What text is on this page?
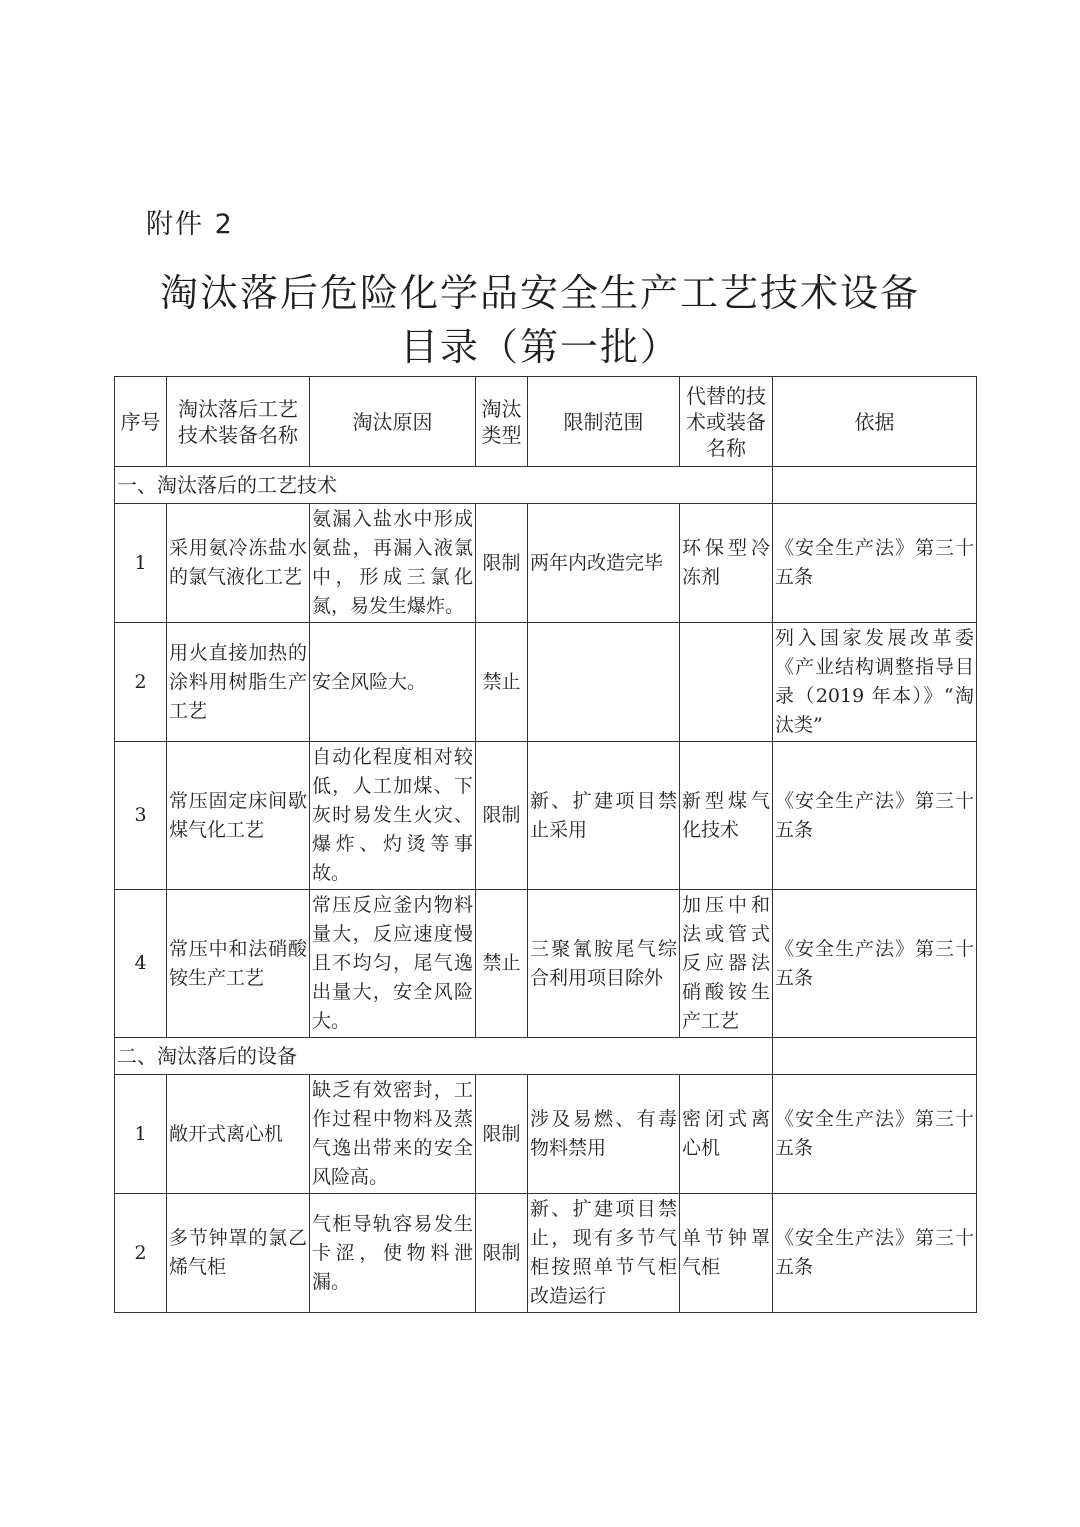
附件 2
淘汰落后危险化学品安全生产工艺技术设备
目录（第一批）
序号	淘汰落后工艺技术装备名称	淘汰原因	淘汰类型	限制范围	代替的技术或装备名称	依据
一、淘汰落后的工艺技术						
1	采用氨冷冻盐水的氯气液化工艺	氨漏入盐水中形成氨盐，再漏入液氯中，形成三氯化氮，易发生爆炸。	限制	两年内改造完毕	环保型冷冻剂	《安全生产法》第三十五条
2	用火直接加热的涂料用树脂生产工艺	安全风险大。	禁止			列入国家发展改革委《产业结构调整指导目录（2019 年本）》“淘汰类”
3	常压固定床间歇煤气化工艺	自动化程度相对较低，人工加煤、下灰时易发生火灾、爆炸、灼烫等事故。	限制	新、扩建项目禁止采用	新型煤气化技术	《安全生产法》第三十五条
4	常压中和法硝酸铵生产工艺	常压反应釜内物料量大，反应速度慢且不均匀，尾气逸出量大，安全风险大。	禁止	三聚氰胺尾气综合利用项目除外	加压中和法或管式反应器法硝酸铵生产工艺	《安全生产法》第三十五条
二、淘汰落后的设备						
1	敞开式离心机	缺乏有效密封，工作过程中物料及蒸气逸出带来的安全风险高。	限制	涉及易燃、有毒物料禁用	密闭式离心机	《安全生产法》第三十五条
2	多节钟罩的氯乙烯气柜	气柜导轨容易发生卡涩，使物料泄漏。	限制	新、扩建项目禁止，现有多节气柜按照单节气柜改造运行	单节钟罩气柜	《安全生产法》第三十五条
